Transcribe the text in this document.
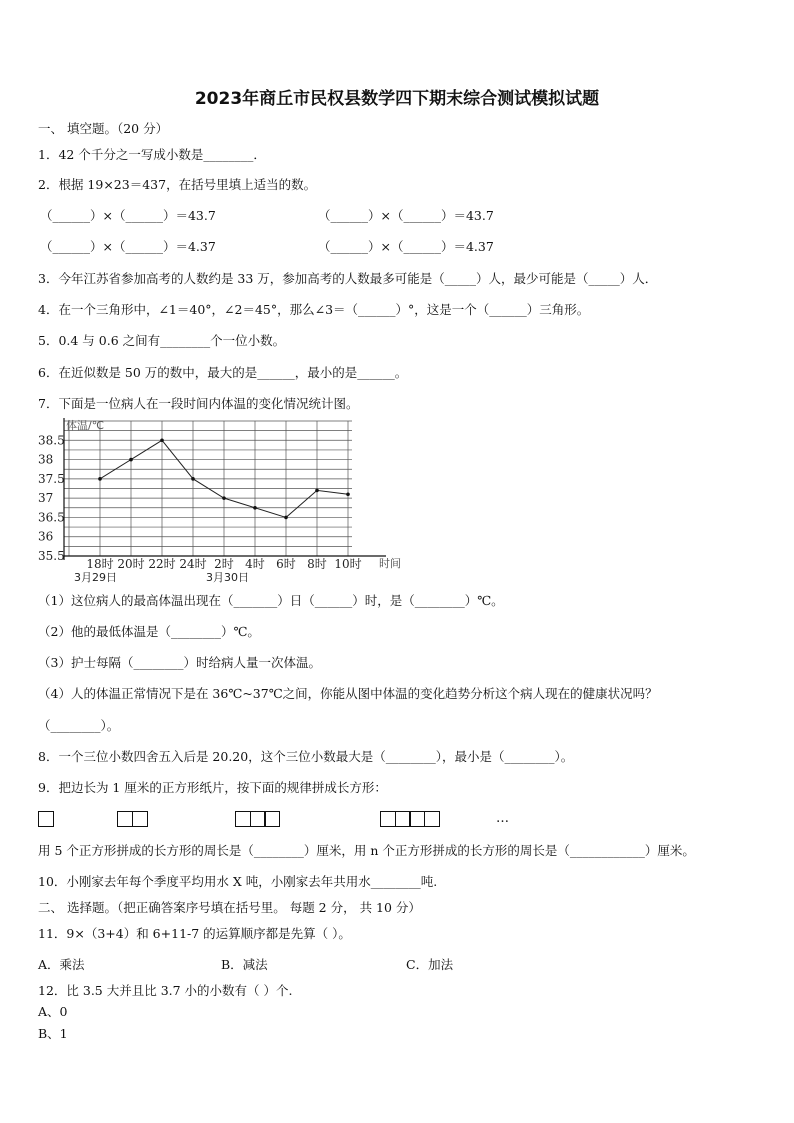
2023年商丘市民权县数学四下期末综合测试模拟试题
一、 填空题。（20 分）
1．42 个千分之一写成小数是________．
2．根据 19×23＝437，在括号里填上适当的数。
（______）×（______）＝43.7	（______）×（______）＝43.7
（______）×（______）＝4.37	（______）×（______）＝4.37
3．今年江苏省参加高考的人数约是 33 万，参加高考的人数最多可能是（_____）人，最少可能是（_____）人．
4．在一个三角形中，∠1＝40°，∠2＝45°，那么∠3＝（______）°，这是一个（______）三角形。
5．0.4 与 0.6 之间有________个一位小数。
6．在近似数是 50 万的数中，最大的是______，最小的是______。
7．下面是一位病人在一段时间内体温的变化情况统计图。
35.5
36
36.5
37
37.5
38
38.5
体温/℃
18时 20时 22时 24时 2时 4时 6时 8时 10时 时间
3月29日	3月30日
（1）这位病人的最高体温出现在（_______）日（______）时，是（________）℃。
（2）他的最低体温是（________）℃。
（3）护士每隔（________）时给病人量一次体温。
（4）人的体温正常情况下是在 36℃~37℃之间，你能从图中体温的变化趋势分析这个病人现在的健康状况吗？
（________）。
8．一个三位小数四舍五入后是 20.20，这个三位小数最大是（________），最小是（________）。
9．把边长为 1 厘米的正方形纸片，按下面的规律拼成长方形：
…
用 5 个正方形拼成的长方形的周长是（________）厘米，用 n 个正方形拼成的长方形的周长是（____________）厘米。
10．小刚家去年每个季度平均用水 X 吨，小刚家去年共用水________吨.
二、 选择题。（把正确答案序号填在括号里。 每题 2 分， 共 10 分）
11．9×（3+4）和 6+11-7 的运算顺序都是先算（ ）。
A．乘法	B．减法	C．加法
12．比 3.5 大并且比 3.7 小的小数有（ ）个.
A、0
B、1
